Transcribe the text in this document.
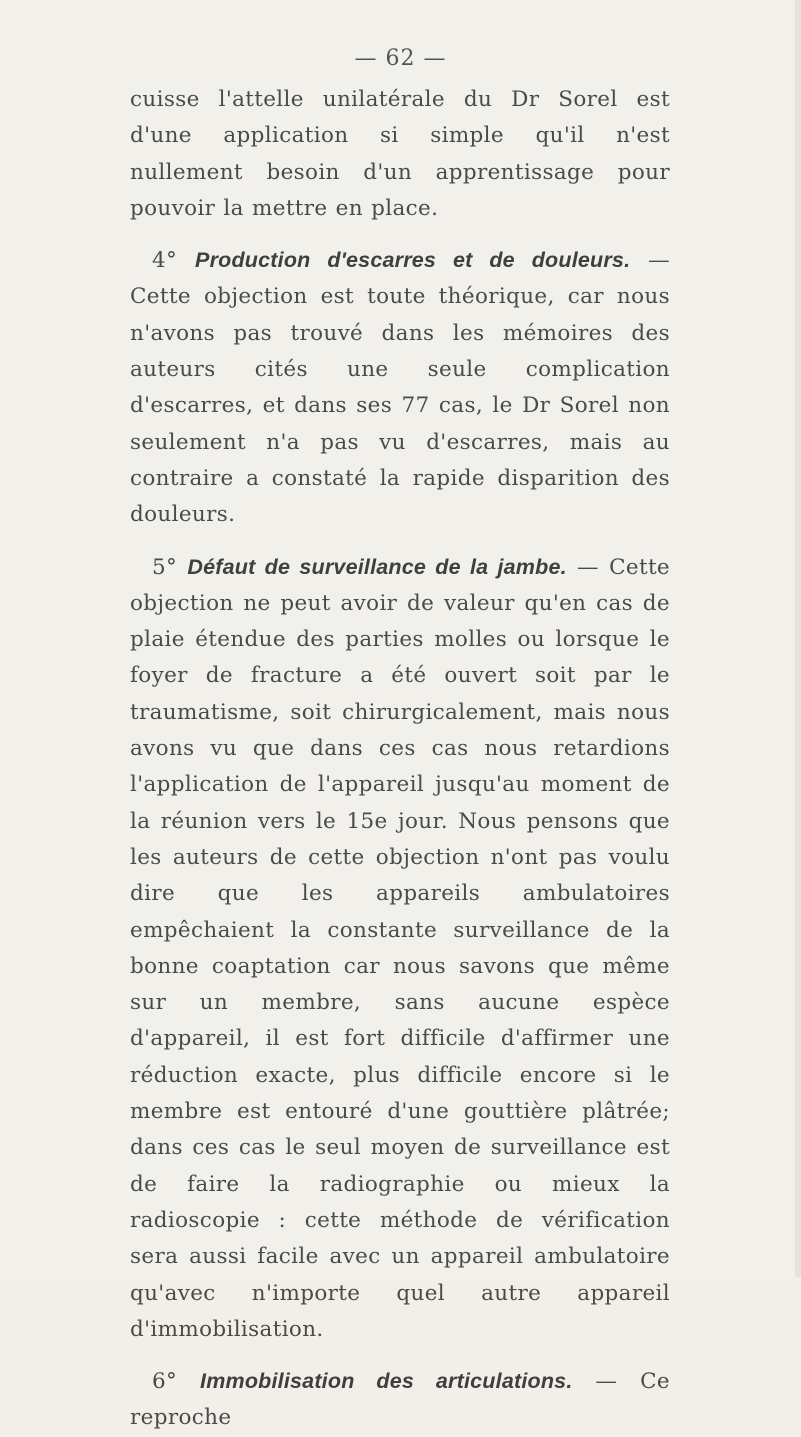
— 62 —

cuisse l'attelle unilatérale du Dr Sorel est d'une application si simple qu'il n'est nullement besoin d'un apprentissage pour pouvoir la mettre en place.

4° Production d'escarres et de douleurs. — Cette objection est toute théorique, car nous n'avons pas trouvé dans les mémoires des auteurs cités une seule complication d'escarres, et dans ses 77 cas, le Dr Sorel non seulement n'a pas vu d'escarres, mais au contraire a constaté la rapide disparition des douleurs.

5° Défaut de surveillance de la jambe. — Cette objection ne peut avoir de valeur qu'en cas de plaie étendue des parties molles ou lorsque le foyer de fracture a été ouvert soit par le traumatisme, soit chirurgicalement, mais nous avons vu que dans ces cas nous retardions l'application de l'appareil jusqu'au moment de la réunion vers le 15e jour. Nous pensons que les auteurs de cette objection n'ont pas voulu dire que les appareils ambulatoires empêchaient la constante surveillance de la bonne coaptation car nous savons que même sur un membre, sans aucune espèce d'appareil, il est fort difficile d'affirmer une réduction exacte, plus difficile encore si le membre est entouré d'une gouttière plâtrée; dans ces cas le seul moyen de surveillance est de faire la radiographie ou mieux la radioscopie : cette méthode de vérification sera aussi facile avec un appareil ambulatoire qu'avec n'importe quel autre appareil d'immobilisation.

6° Immobilisation des articulations. — Ce reproche
